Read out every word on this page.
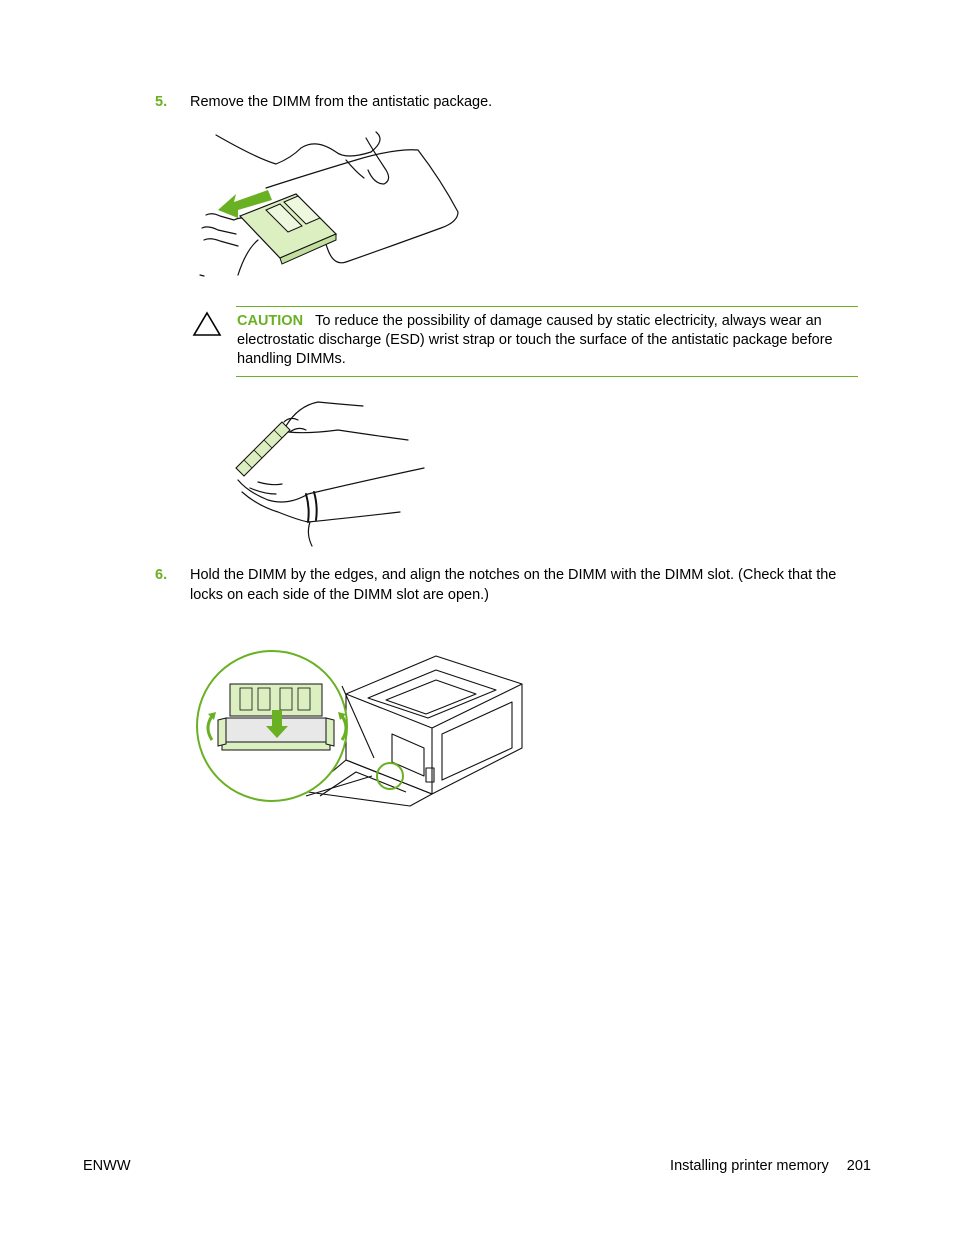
5. Remove the DIMM from the antistatic package.
CAUTION To reduce the possibility of damage caused by static electricity, always wear an electrostatic discharge (ESD) wrist strap or touch the surface of the antistatic package before handling DIMMs.
6. Hold the DIMM by the edges, and align the notches on the DIMM with the DIMM slot. (Check that the locks on each side of the DIMM slot are open.)
ENWW	Installing printer memory 201
